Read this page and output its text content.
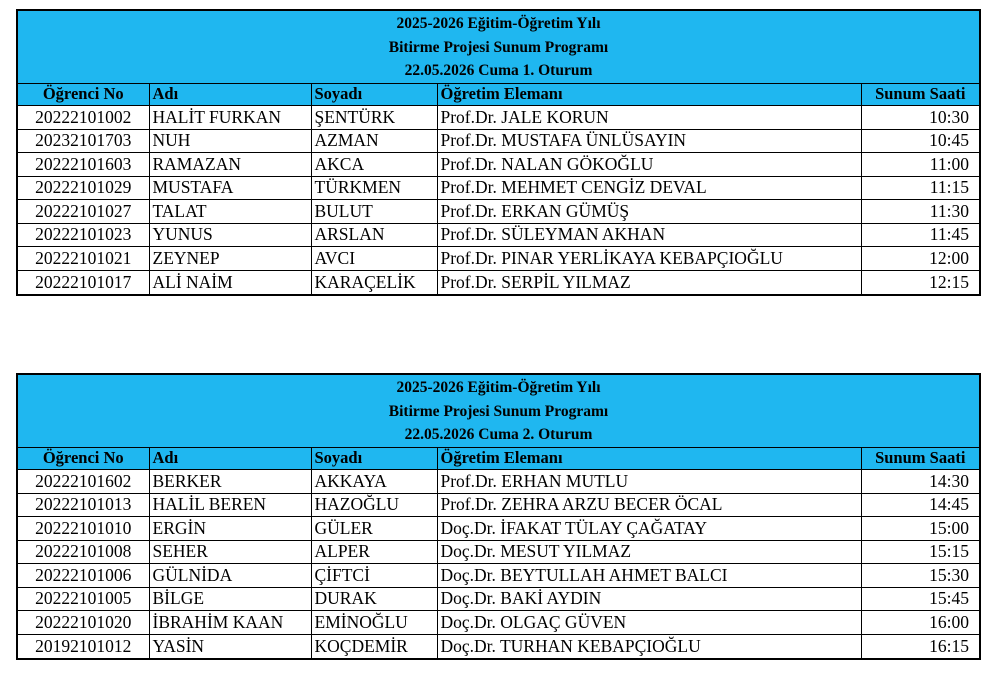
2025-2026 Eğitim-Öğretim Yılı
Bitirme Projesi Sunum Programı
22.05.2026 Cuma 1. Oturum
Öğrenci No	Adı	Soyadı	Öğretim Elemanı	Sunum Saati
20222101002	HALİT FURKAN	ŞENTÜRK	Prof.Dr. JALE KORUN	10:30
20232101703	NUH	AZMAN	Prof.Dr. MUSTAFA ÜNLÜSAYIN	10:45
20222101603	RAMAZAN	AKCA	Prof.Dr. NALAN GÖKOĞLU	11:00
20222101029	MUSTAFA	TÜRKMEN	Prof.Dr. MEHMET CENGİZ DEVAL	11:15
20222101027	TALAT	BULUT	Prof.Dr. ERKAN GÜMÜŞ	11:30
20222101023	YUNUS	ARSLAN	Prof.Dr. SÜLEYMAN AKHAN	11:45
20222101021	ZEYNEP	AVCI	Prof.Dr. PINAR YERLİKAYA KEBAPÇIOĞLU	12:00
20222101017	ALİ NAİM	KARAÇELİK	Prof.Dr. SERPİL YILMAZ	12:15
2025-2026 Eğitim-Öğretim Yılı
Bitirme Projesi Sunum Programı
22.05.2026 Cuma 2. Oturum
Öğrenci No	Adı	Soyadı	Öğretim Elemanı	Sunum Saati
20222101602	BERKER	AKKAYA	Prof.Dr. ERHAN MUTLU	14:30
20222101013	HALİL BEREN	HAZOĞLU	Prof.Dr. ZEHRA ARZU BECER ÖCAL	14:45
20222101010	ERGİN	GÜLER	Doç.Dr. İFAKAT TÜLAY ÇAĞATAY	15:00
20222101008	SEHER	ALPER	Doç.Dr. MESUT YILMAZ	15:15
20222101006	GÜLNİDA	ÇİFTCİ	Doç.Dr. BEYTULLAH AHMET BALCI	15:30
20222101005	BİLGE	DURAK	Doç.Dr. BAKİ AYDIN	15:45
20222101020	İBRAHİM KAAN	EMİNOĞLU	Doç.Dr. OLGAÇ GÜVEN	16:00
20192101012	YASİN	KOÇDEMİR	Doç.Dr. TURHAN KEBAPÇIOĞLU	16:15
